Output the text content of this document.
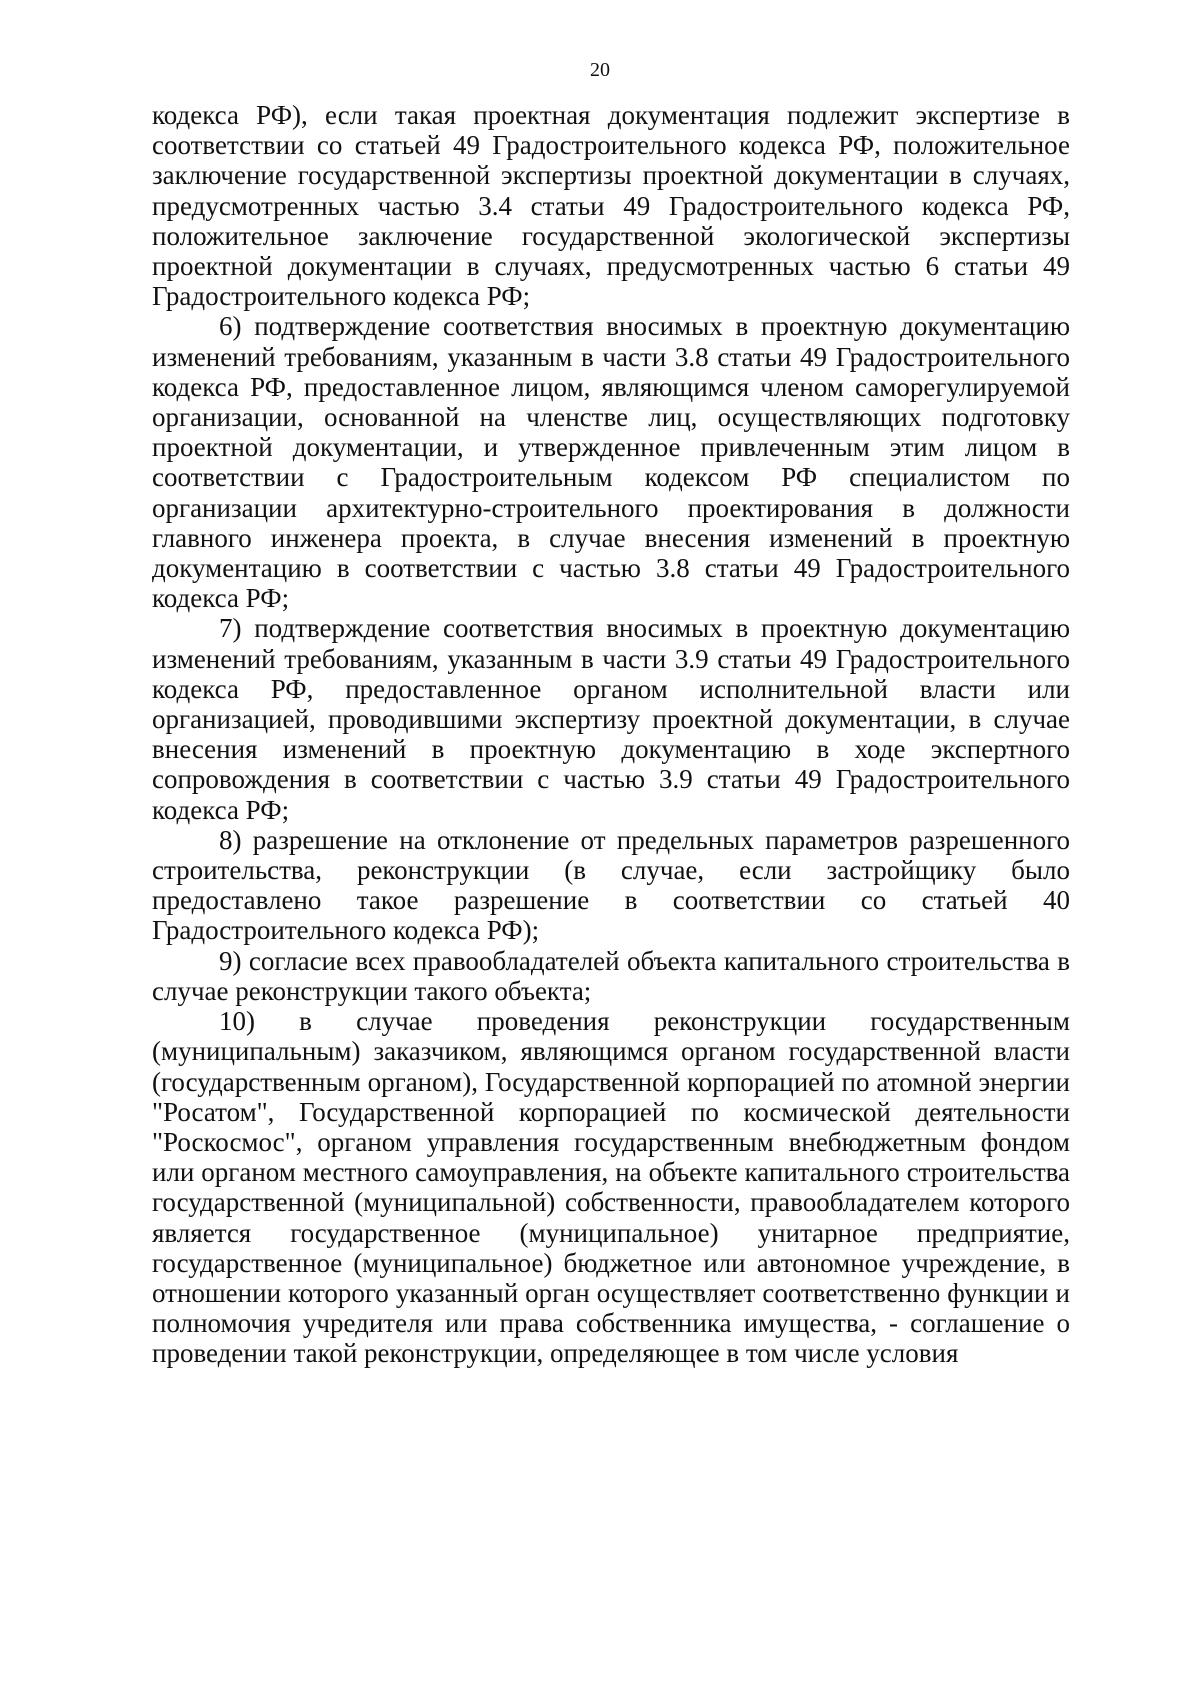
20

кодекса РФ), если такая проектная документация подлежит экспертизе в соответствии со статьей 49 Градостроительного кодекса РФ, положительное заключение государственной экспертизы проектной документации в случаях, предусмотренных частью 3.4 статьи 49 Градостроительного кодекса РФ, положительное заключение государственной экологической экспертизы проектной документации в случаях, предусмотренных частью 6 статьи 49 Градостроительного кодекса РФ;

6) подтверждение соответствия вносимых в проектную документацию изменений требованиям, указанным в части 3.8 статьи 49 Градостроительного кодекса РФ, предоставленное лицом, являющимся членом саморегулируемой организации, основанной на членстве лиц, осуществляющих подготовку проектной документации, и утвержденное привлеченным этим лицом в соответствии с Градостроительным кодексом РФ специалистом по организации архитектурно-строительного проектирования в должности главного инженера проекта, в случае внесения изменений в проектную документацию в соответствии с частью 3.8 статьи 49 Градостроительного кодекса РФ;

7) подтверждение соответствия вносимых в проектную документацию изменений требованиям, указанным в части 3.9 статьи 49 Градостроительного кодекса РФ, предоставленное органом исполнительной власти или организацией, проводившими экспертизу проектной документации, в случае внесения изменений в проектную документацию в ходе экспертного сопровождения в соответствии с частью 3.9 статьи 49 Градостроительного кодекса РФ;

8) разрешение на отклонение от предельных параметров разрешенного строительства, реконструкции (в случае, если застройщику было предоставлено такое разрешение в соответствии со статьей 40 Градостроительного кодекса РФ);

9) согласие всех правообладателей объекта капитального строительства в случае реконструкции такого объекта;

10) в случае проведения реконструкции государственным (муниципальным) заказчиком, являющимся органом государственной власти (государственным органом), Государственной корпорацией по атомной энергии "Росатом", Государственной корпорацией по космической деятельности "Роскосмос", органом управления государственным внебюджетным фондом или органом местного самоуправления, на объекте капитального строительства государственной (муниципальной) собственности, правообладателем которого является государственное (муниципальное) унитарное предприятие, государственное (муниципальное) бюджетное или автономное учреждение, в отношении которого указанный орган осуществляет соответственно функции и полномочия учредителя или права собственника имущества, - соглашение о проведении такой реконструкции, определяющее в том числе условия
